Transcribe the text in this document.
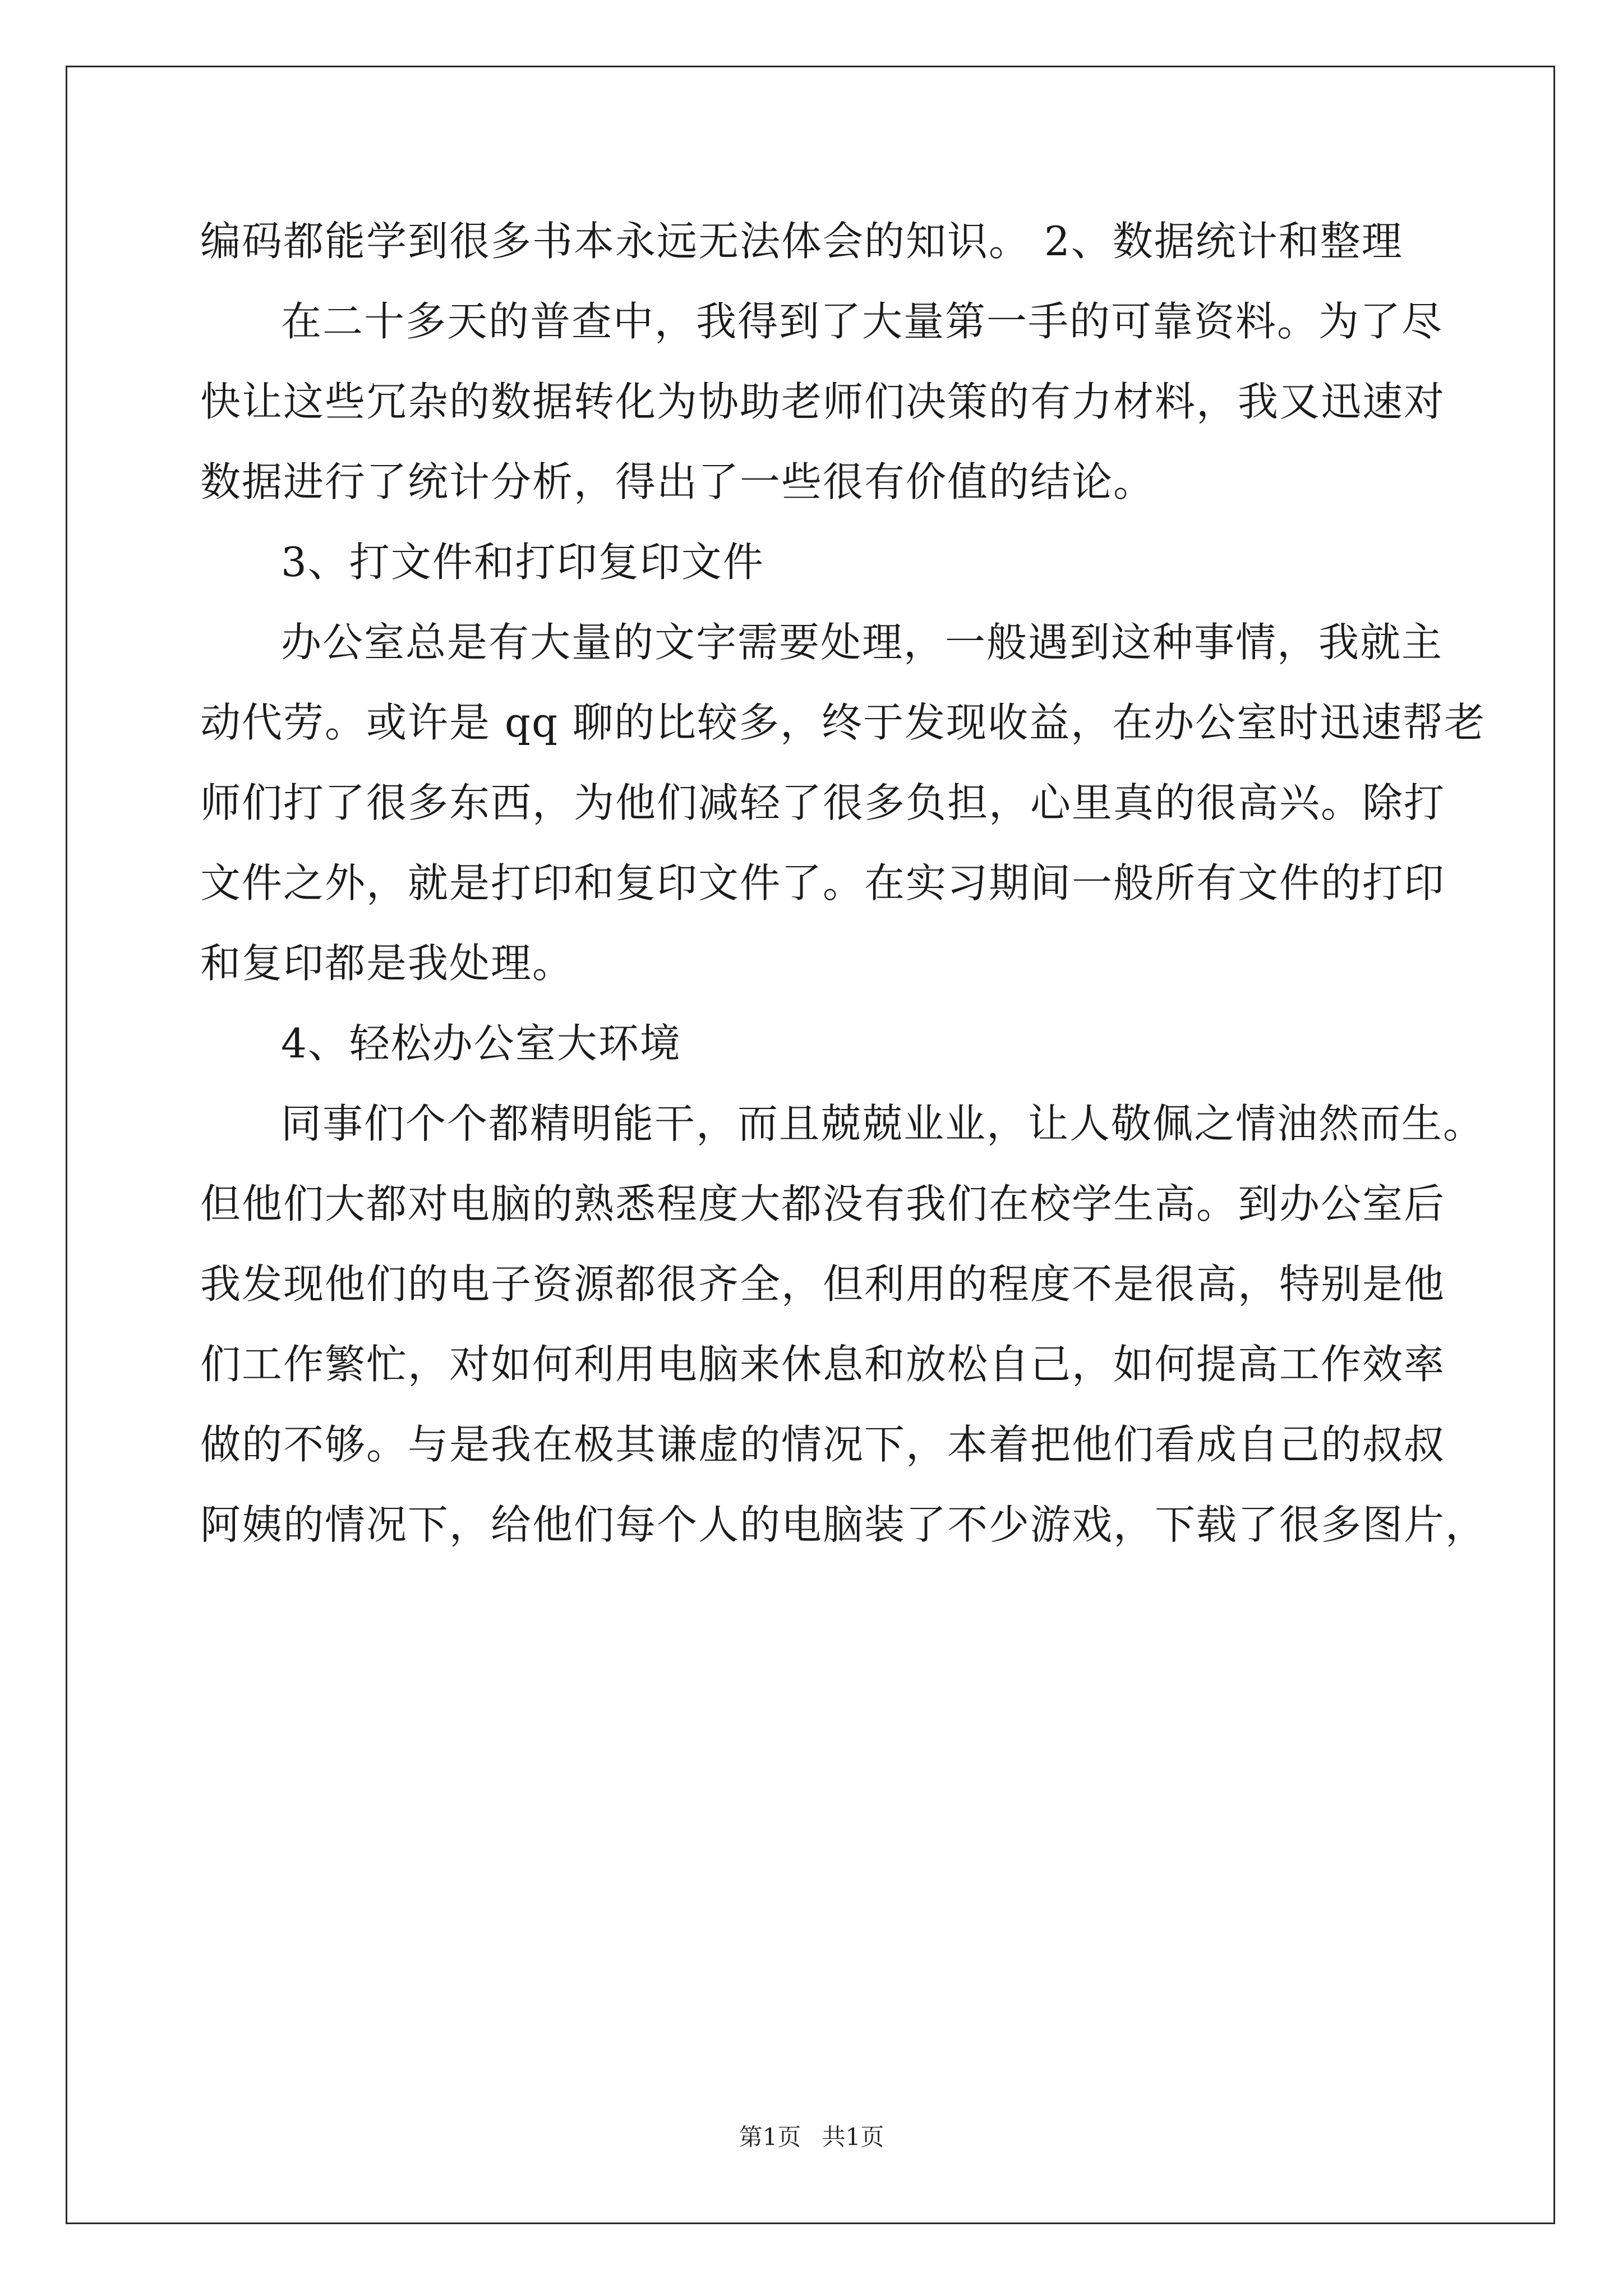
编码都能学到很多书本永远无法体会的知识。 2、数据统计和整理
在二十多天的普查中，我得到了大量第一手的可靠资料。为了尽
快让这些冗杂的数据转化为协助老师们决策的有力材料，我又迅速对
数据进行了统计分析，得出了一些很有价值的结论。
3、打文件和打印复印文件
办公室总是有大量的文字需要处理，一般遇到这种事情，我就主
动代劳。或许是 qq 聊的比较多，终于发现收益，在办公室时迅速帮老
师们打了很多东西，为他们减轻了很多负担，心里真的很高兴。除打
文件之外，就是打印和复印文件了。在实习期间一般所有文件的打印
和复印都是我处理。
4、轻松办公室大环境
同事们个个都精明能干，而且兢兢业业，让人敬佩之情油然而生。
但他们大都对电脑的熟悉程度大都没有我们在校学生高。到办公室后
我发现他们的电子资源都很齐全，但利用的程度不是很高，特别是他
们工作繁忙，对如何利用电脑来休息和放松自己，如何提高工作效率
做的不够。与是我在极其谦虚的情况下，本着把他们看成自己的叔叔
阿姨的情况下，给他们每个人的电脑装了不少游戏，下载了很多图片，
第1页 共1页
